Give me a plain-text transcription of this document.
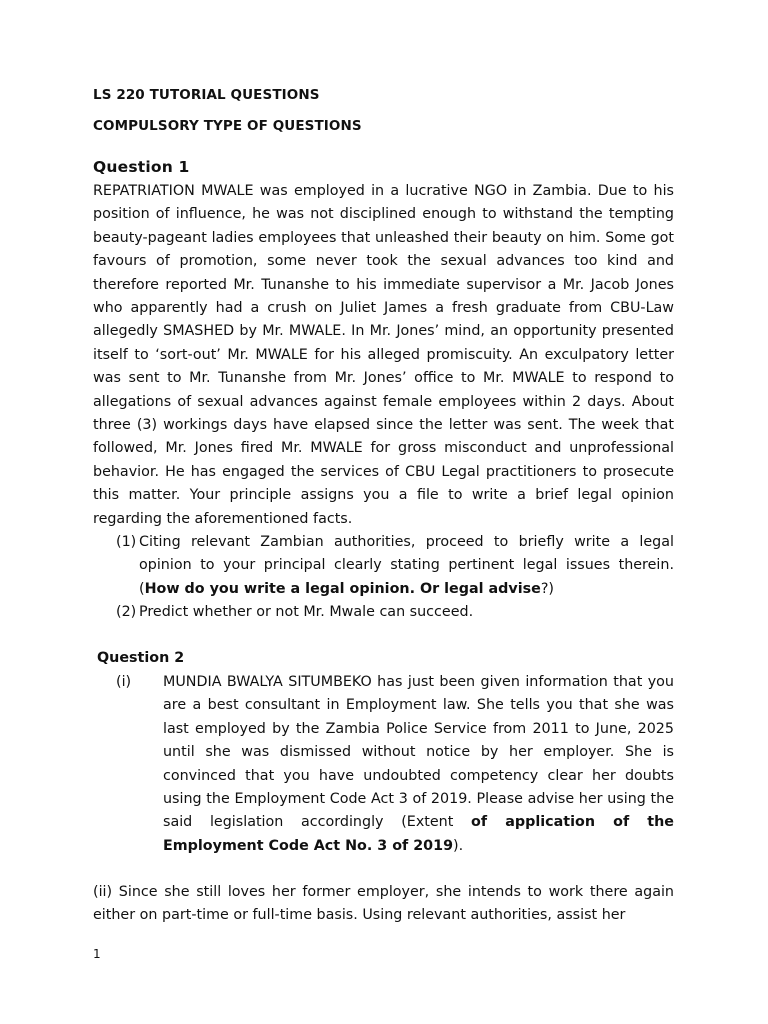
LS 220 TUTORIAL QUESTIONS
COMPULSORY TYPE OF QUESTIONS
Question 1
REPATRIATION MWALE was employed in a lucrative NGO in Zambia. Due to his position of influence, he was not disciplined enough to withstand the tempting beauty-pageant ladies employees that unleashed their beauty on him. Some got favours of promotion, some never took the sexual advances too kind and therefore reported Mr. Tunanshe to his immediate supervisor a Mr. Jacob Jones who apparently had a crush on Juliet James a fresh graduate from CBU-Law allegedly SMASHED by Mr. MWALE. In Mr. Jones’ mind, an opportunity presented itself to ‘sort-out’ Mr. MWALE for his alleged promiscuity. An exculpatory letter was sent to Mr. Tunanshe from Mr. Jones’ office to Mr. MWALE to respond to allegations of sexual advances against female employees within 2 days. About three (3) workings days have elapsed since the letter was sent. The week that followed, Mr. Jones fired Mr. MWALE for gross misconduct and unprofessional behavior. He has engaged the services of CBU Legal practitioners to prosecute this matter. Your principle assigns you a file to write a brief legal opinion regarding the aforementioned facts.
(1) Citing relevant Zambian authorities, proceed to briefly write a legal opinion to your principal clearly stating pertinent legal issues therein. (How do you write a legal opinion. Or legal advise?)
(2) Predict whether or not Mr. Mwale can succeed.
Question 2
(i) MUNDIA BWALYA SITUMBEKO has just been given information that you are a best consultant in Employment law. She tells you that she was last employed by the Zambia Police Service from 2011 to June, 2025 until she was dismissed without notice by her employer. She is convinced that you have undoubted competency clear her doubts using the Employment Code Act 3 of 2019. Please advise her using the said legislation accordingly (Extent of application of the Employment Code Act No. 3 of 2019).
(ii) Since she still loves her former employer, she intends to work there again either on part-time or full-time basis. Using relevant authorities, assist her
1
